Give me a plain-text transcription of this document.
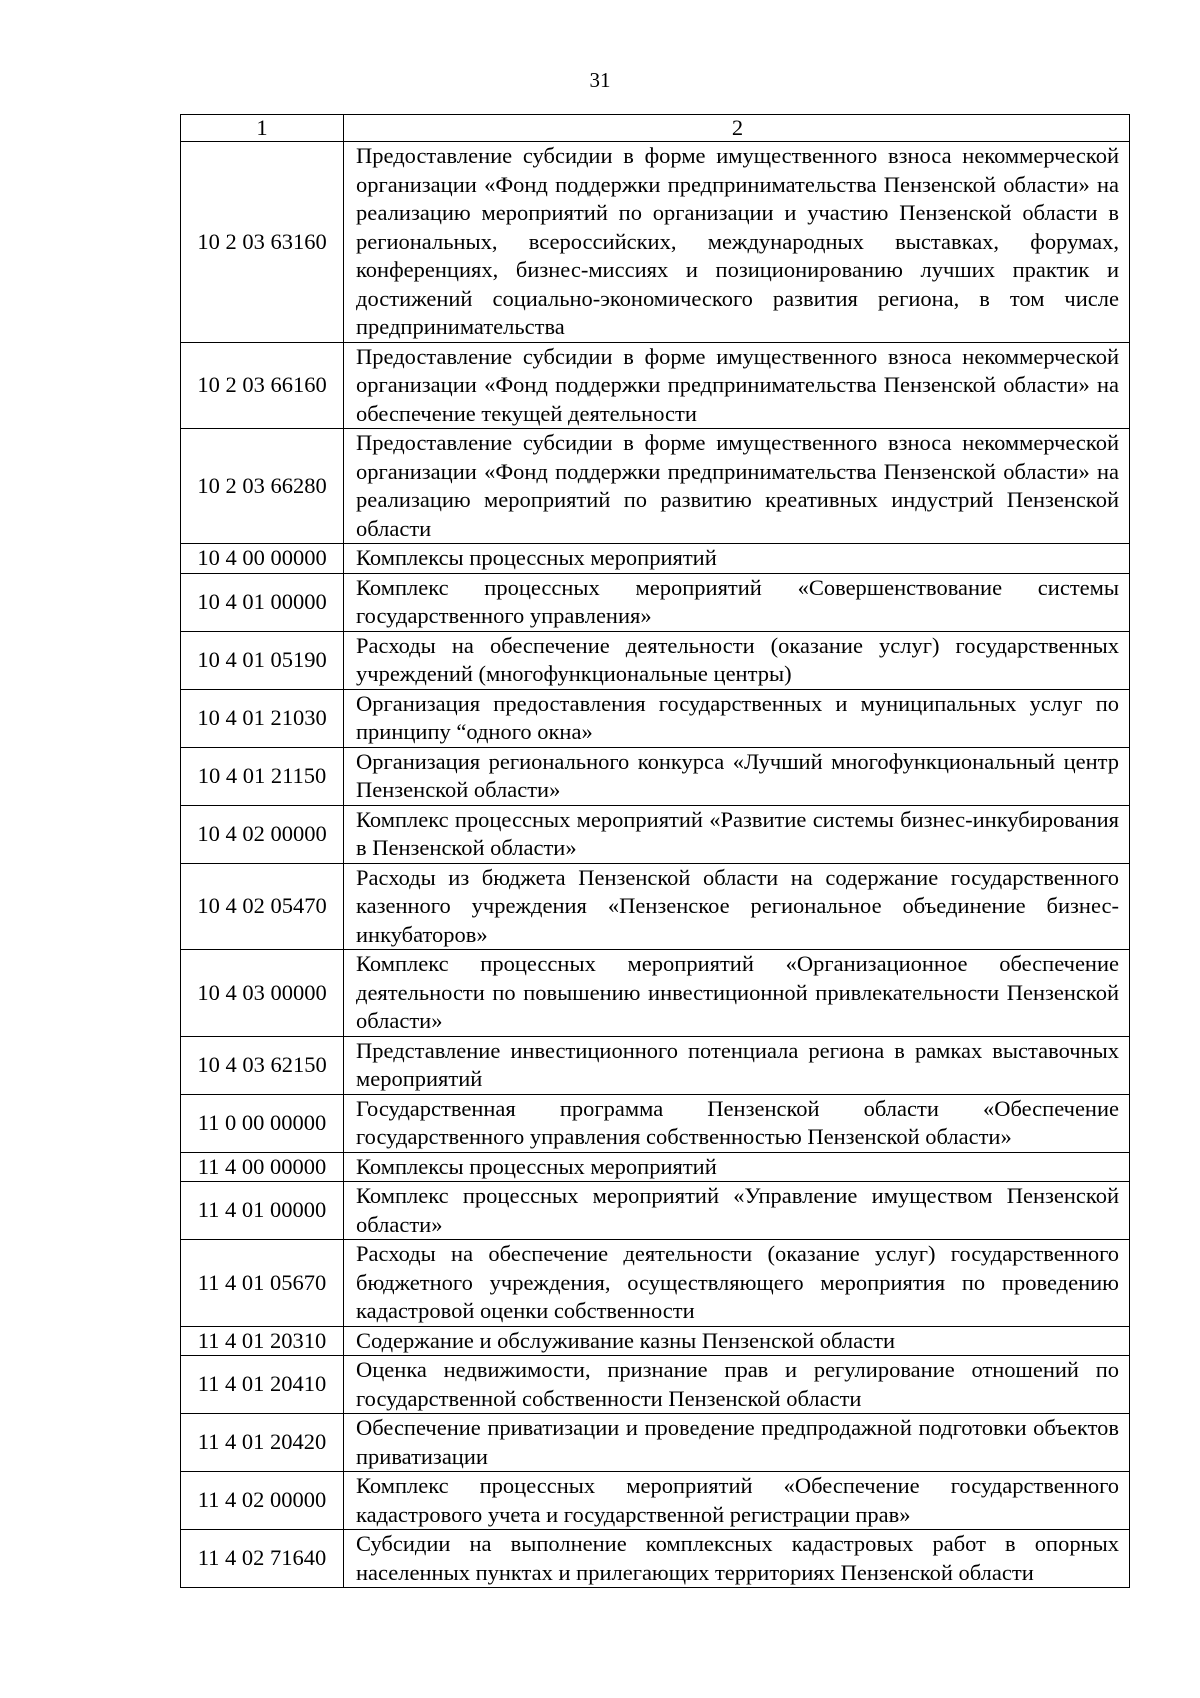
31
1	2
10 2 03 63160	Предоставление субсидии в форме имущественного взноса некоммерческой организации «Фонд поддержки предпринимательства Пензенской области» на реализацию мероприятий по организации и участию Пензенской области в региональных, всероссийских, международных выставках, форумах, конференциях, бизнес-миссиях и позиционированию лучших практик и достижений социально-экономического развития региона, в том числе предпринимательства
10 2 03 66160	Предоставление субсидии в форме имущественного взноса некоммерческой организации «Фонд поддержки предпринимательства Пензенской области» на обеспечение текущей деятельности
10 2 03 66280	Предоставление субсидии в форме имущественного взноса некоммерческой организации «Фонд поддержки предпринимательства Пензенской области» на реализацию мероприятий по развитию креативных индустрий Пензенской области
10 4 00 00000	Комплексы процессных мероприятий
10 4 01 00000	Комплекс процессных мероприятий «Совершенствование системы государственного управления»
10 4 01 05190	Расходы на обеспечение деятельности (оказание услуг) государственных учреждений (многофункциональные центры)
10 4 01 21030	Организация предоставления государственных и муниципальных услуг по принципу “одного окна»
10 4 01 21150	Организация регионального конкурса «Лучший многофункциональный центр Пензенской области»
10 4 02 00000	Комплекс процессных мероприятий «Развитие системы бизнес-инкубирования в Пензенской области»
10 4 02 05470	Расходы из бюджета Пензенской области на содержание государственного казенного учреждения «Пензенское региональное объединение бизнес-инкубаторов»
10 4 03 00000	Комплекс процессных мероприятий «Организационное обеспечение деятельности по повышению инвестиционной привлекательности Пензенской области»
10 4 03 62150	Представление инвестиционного потенциала региона в рамках выставочных мероприятий
11 0 00 00000	Государственная программа Пензенской области «Обеспечение государственного управления собственностью Пензенской области»
11 4 00 00000	Комплексы процессных мероприятий
11 4 01 00000	Комплекс процессных мероприятий «Управление имуществом Пензенской области»
11 4 01 05670	Расходы на обеспечение деятельности (оказание услуг) государственного бюджетного учреждения, осуществляющего мероприятия по проведению кадастровой оценки собственности
11 4 01 20310	Содержание и обслуживание казны Пензенской области
11 4 01 20410	Оценка недвижимости, признание прав и регулирование отношений по государственной собственности Пензенской области
11 4 01 20420	Обеспечение приватизации и проведение предпродажной подготовки объектов приватизации
11 4 02 00000	Комплекс процессных мероприятий «Обеспечение государственного кадастрового учета и государственной регистрации прав»
11 4 02 71640	Субсидии на выполнение комплексных кадастровых работ в опорных населенных пунктах и прилегающих территориях Пензенской области
